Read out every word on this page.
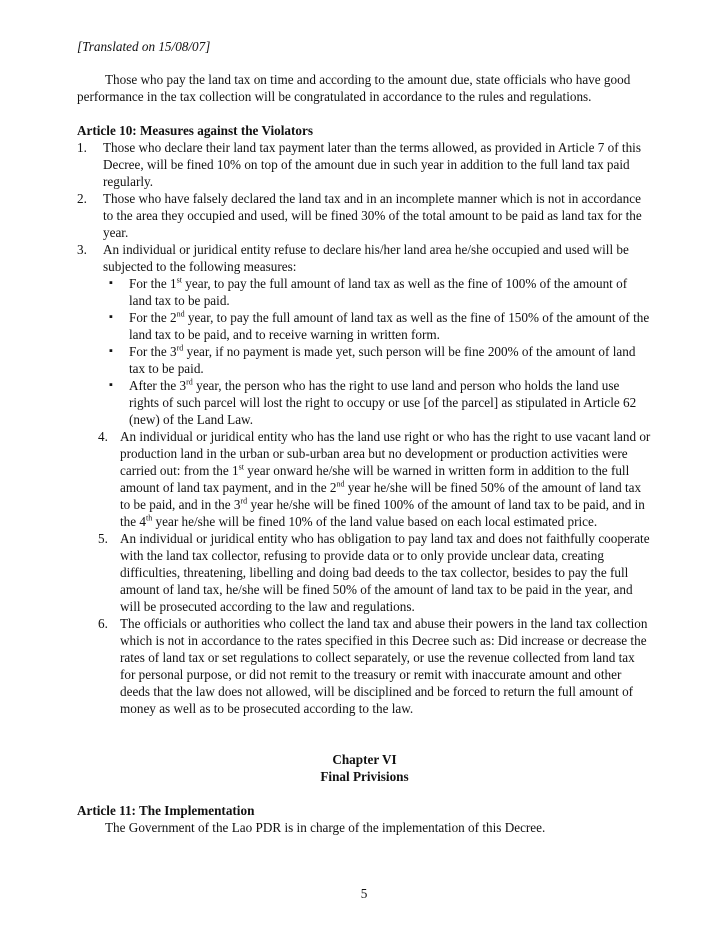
[Translated on 15/08/07]

Those who pay the land tax on time and according to the amount due, state officials who have good performance in the tax collection will be congratulated in accordance to the rules and regulations.

Article 10: Measures against the Violators

1. Those who declare their land tax payment later than the terms allowed, as provided in Article 7 of this Decree, will be fined 10% on top of the amount due in such year in addition to the full land tax paid regularly.
2. Those who have falsely declared the land tax and in an incomplete manner which is not in accordance to the area they occupied and used, will be fined 30% of the total amount to be paid as land tax for the year.
3. An individual or juridical entity refuse to declare his/her land area he/she occupied and used will be subjected to the following measures:
▪ For the 1st year, to pay the full amount of land tax as well as the fine of 100% of the amount of land tax to be paid.
▪ For the 2nd year, to pay the full amount of land tax as well as the fine of 150% of the amount of the land tax to be paid, and to receive warning in written form.
▪ For the 3rd year, if no payment is made yet, such person will be fine 200% of the amount of land tax to be paid.
▪ After the 3rd year, the person who has the right to use land and person who holds the land use rights of such parcel will lost the right to occupy or use [of the parcel] as stipulated in Article 62 (new) of the Land Law.
4. An individual or juridical entity who has the land use right or who has the right to use vacant land or production land in the urban or sub-urban area but no development or production activities were carried out: from the 1st year onward he/she will be warned in written form in addition to the full amount of land tax payment, and in the 2nd year he/she will be fined 50% of the amount of land tax to be paid, and in the 3rd year he/she will be fined 100% of the amount of land tax to be paid, and in the 4th year he/she will be fined 10% of the land value based on each local estimated price.
5. An individual or juridical entity who has obligation to pay land tax and does not faithfully cooperate with the land tax collector, refusing to provide data or to only provide unclear data, creating difficulties, threatening, libelling and doing bad deeds to the tax collector, besides to pay the full amount of land tax, he/she will be fined 50% of the amount of land tax to be paid in the year, and will be prosecuted according to the law and regulations.
6. The officials or authorities who collect the land tax and abuse their powers in the land tax collection which is not in accordance to the rates specified in this Decree such as: Did increase or decrease the rates of land tax or set regulations to collect separately, or use the revenue collected from land tax for personal purpose, or did not remit to the treasury or remit with inaccurate amount and other deeds that the law does not allowed, will be disciplined and be forced to return the full amount of money as well as to be prosecuted according to the law.

Chapter VI

Final Privisions

Article 11: The Implementation

The Government of the Lao PDR is in charge of the implementation of this Decree.

5
